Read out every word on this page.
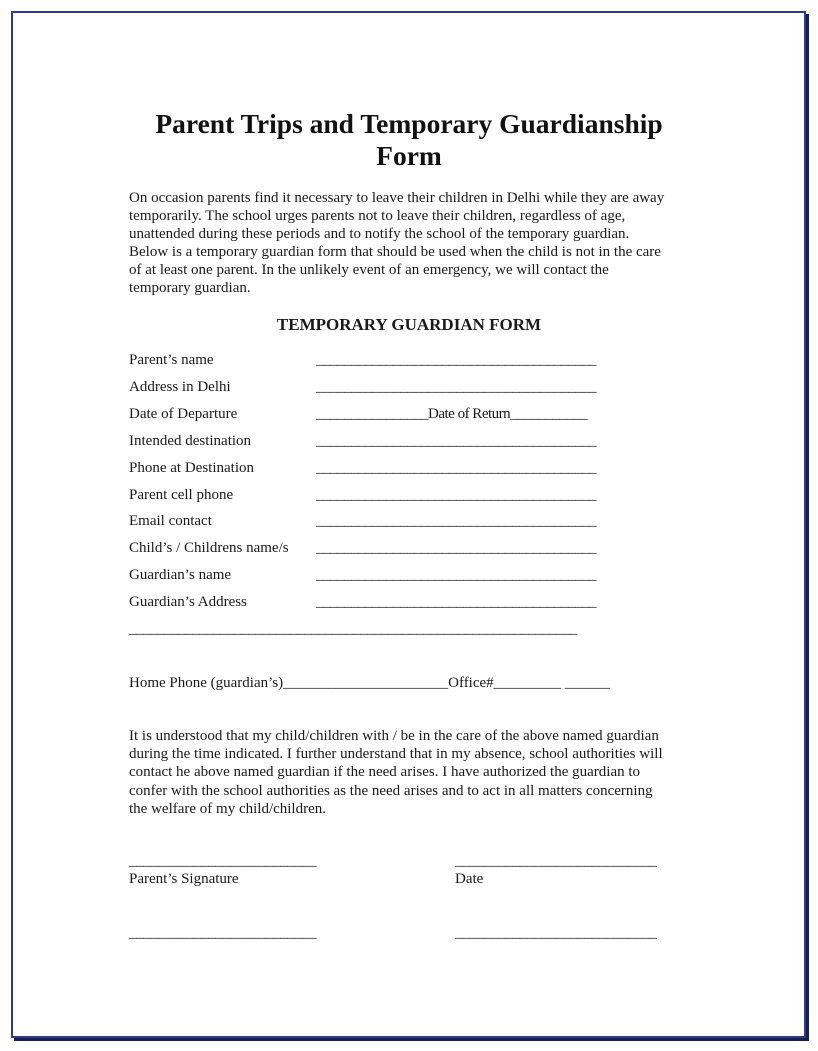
Parent Trips and Temporary Guardianship
Form
On occasion parents find it necessary to leave their children in Delhi while they are away
temporarily. The school urges parents not to leave their children, regardless of age,
unattended during these periods and to notify the school of the temporary guardian.
Below is a temporary guardian form that should be used when the child is not in the care
of at least one parent. In the unlikely event of an emergency, we will contact the
temporary guardian.
TEMPORARY GUARDIAN FORM
Parent’s name	________________________________________
Address in Delhi	________________________________________
Date of Departure	________________Date of Return___________
Intended destination	________________________________________
Phone at Destination	________________________________________
Parent cell phone	________________________________________
Email contact	________________________________________
Child’s / Childrens name/s ________________________________________
Guardian’s name	________________________________________
Guardian’s Address	________________________________________
________________________________________________________________
Home Phone (guardian’s)______________________Office#_________ ______
It is understood that my child/children with / be in the care of the above named guardian
during the time indicated. I further understand that in my absence, school authorities will
contact he above named guardian if the need arises. I have authorized the guardian to
confer with the school authorities as the need arises and to act in all matters concerning
the welfare of my child/children.
__________________________	____________________________
Parent’s Signature	Date
__________________________	____________________________
